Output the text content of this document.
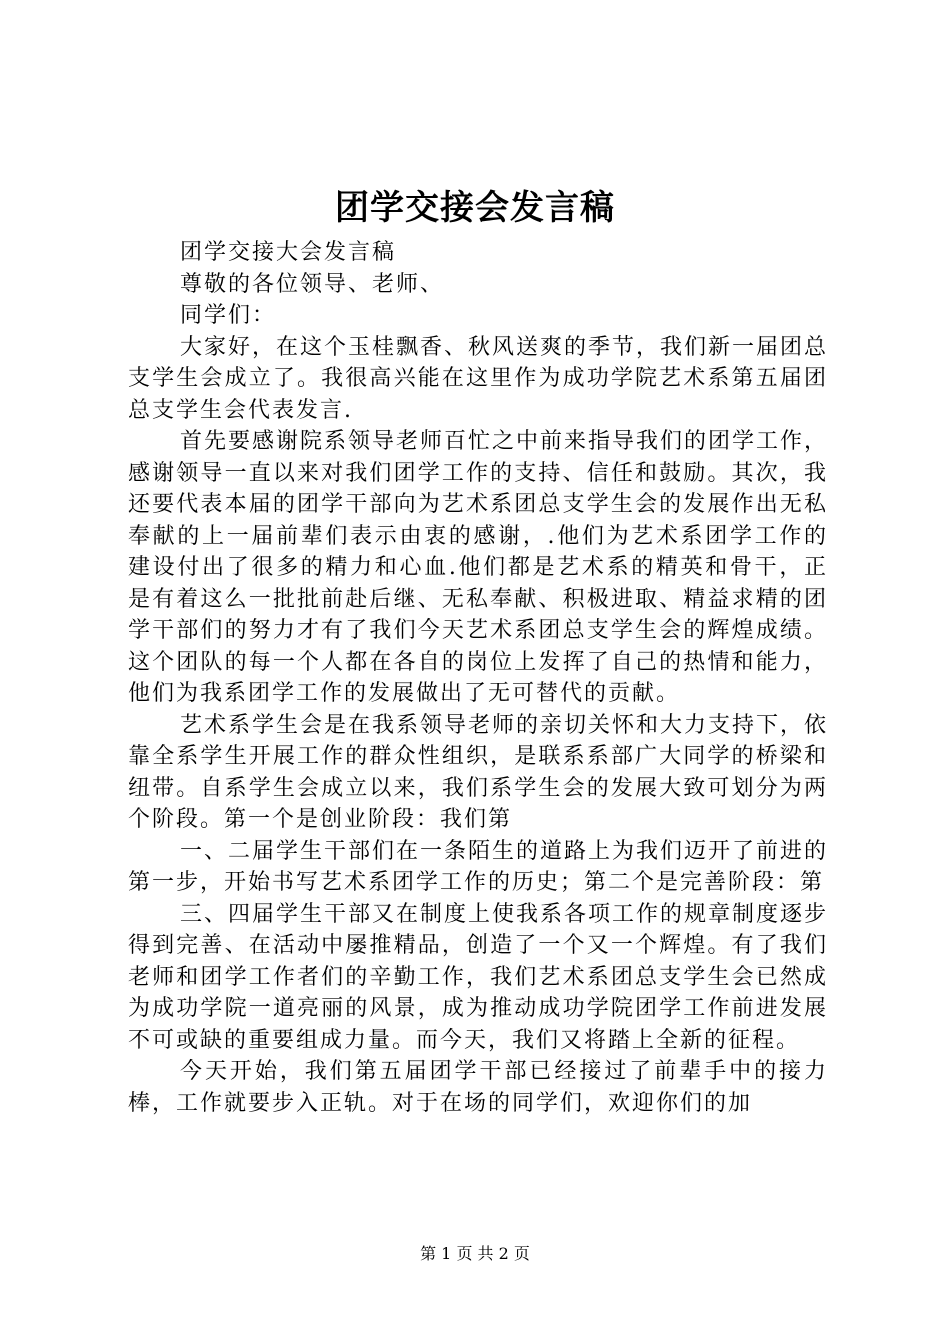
团学交接会发言稿

团学交接大会发言稿

尊敬的各位领导、老师、

同学们：

大家好，在这个玉桂飘香、秋风送爽的季节，我们新一届团总支学生会成立了。我很高兴能在这里作为成功学院艺术系第五届团总支学生会代表发言.

首先要感谢院系领导老师百忙之中前来指导我们的团学工作，感谢领导一直以来对我们团学工作的支持、信任和鼓励。其次，我还要代表本届的团学干部向为艺术系团总支学生会的发展作出无私奉献的上一届前辈们表示由衷的感谢，.他们为艺术系团学工作的建设付出了很多的精力和心血.他们都是艺术系的精英和骨干，正是有着这么一批批前赴后继、无私奉献、积极进取、精益求精的团学干部们的努力才有了我们今天艺术系团总支学生会的辉煌成绩。这个团队的每一个人都在各自的岗位上发挥了自己的热情和能力，他们为我系团学工作的发展做出了无可替代的贡献。

艺术系学生会是在我系领导老师的亲切关怀和大力支持下，依靠全系学生开展工作的群众性组织，是联系系部广大同学的桥梁和纽带。自系学生会成立以来，我们系学生会的发展大致可划分为两个阶段。第一个是创业阶段：我们第

一、二届学生干部们在一条陌生的道路上为我们迈开了前进的第一步，开始书写艺术系团学工作的历史；第二个是完善阶段：第

三、四届学生干部又在制度上使我系各项工作的规章制度逐步得到完善、在活动中屡推精品，创造了一个又一个辉煌。有了我们老师和团学工作者们的辛勤工作，我们艺术系团总支学生会已然成为成功学院一道亮丽的风景，成为推动成功学院团学工作前进发展不可或缺的重要组成力量。而今天，我们又将踏上全新的征程。

今天开始，我们第五届团学干部已经接过了前辈手中的接力棒，工作就要步入正轨。对于在场的同学们，欢迎你们的加

第 1 页 共 2 页
